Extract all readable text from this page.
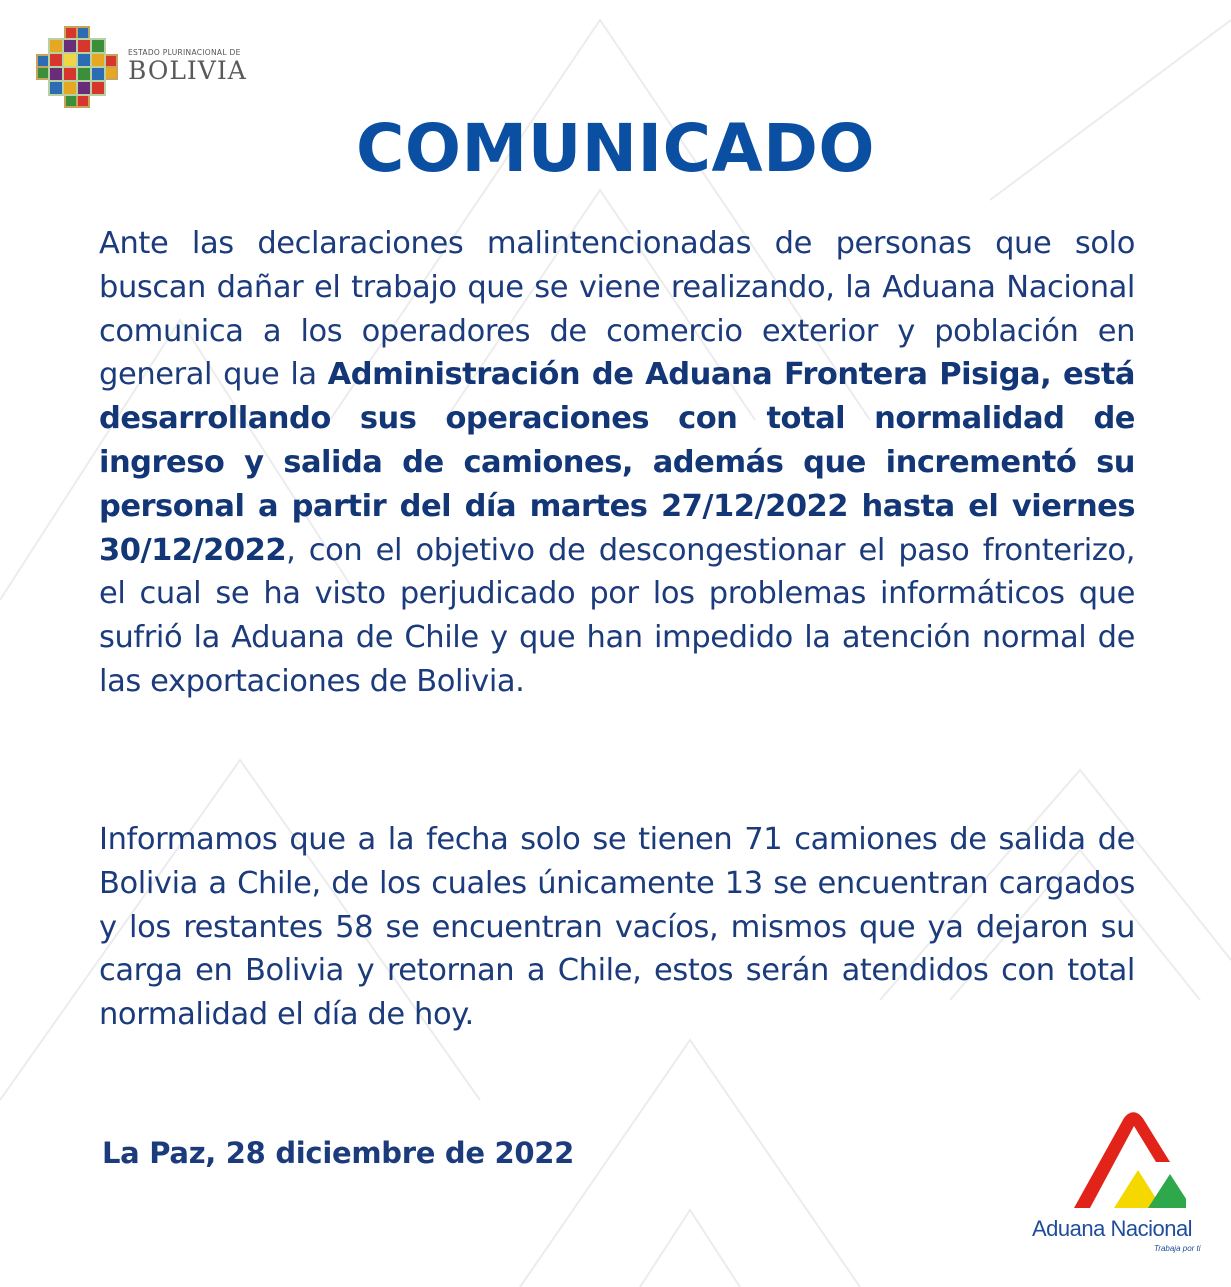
ESTADO PLURINACIONAL DE
BOLIVIA
COMUNICADO

Ante las declaraciones malintencionadas de personas que solo buscan dañar el trabajo que se viene realizando, la Aduana Nacional comunica a los operadores de comercio exterior y población en general que la Administración de Aduana Frontera Pisiga, está desarrollando sus operaciones con total normalidad de ingreso y salida de camiones, además que incrementó su personal a partir del día martes 27/12/2022 hasta el viernes 30/12/2022, con el objetivo de descongestionar el paso fronterizo, el cual se ha visto perjudicado por los problemas informáticos que sufrió la Aduana de Chile y que han impedido la atención normal de las exportaciones de Bolivia.

Informamos que a la fecha solo se tienen 71 camiones de salida de Bolivia a Chile, de los cuales únicamente 13 se encuentran cargados y los restantes 58 se encuentran vacíos, mismos que ya dejaron su carga en Bolivia y retornan a Chile, estos serán atendidos con total normalidad el día de hoy.

La Paz, 28 diciembre de 2022
Aduana Nacional
Trabaja por ti
